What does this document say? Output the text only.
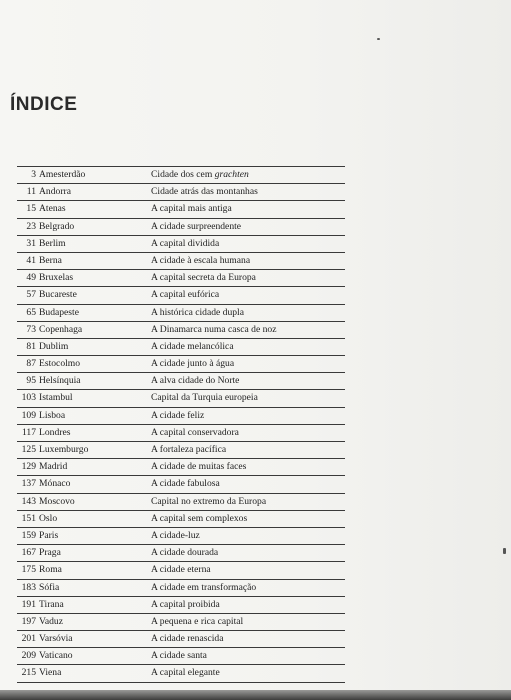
ÍNDICE
3 Amesterdão	Cidade dos cem grachten
11 Andorra	Cidade atrás das montanhas
15 Atenas	A capital mais antiga
23 Belgrado	A cidade surpreendente
31 Berlim	A capital dividida
41 Berna	A cidade à escala humana
49 Bruxelas	A capital secreta da Europa
57 Bucareste	A capital eufórica
65 Budapeste	A histórica cidade dupla
73 Copenhaga	A Dinamarca numa casca de noz
81 Dublim	A cidade melancólica
87 Estocolmo	A cidade junto à água
95 Helsínquia	A alva cidade do Norte
103 Istambul	Capital da Turquia europeia
109 Lisboa	A cidade feliz
117 Londres	A capital conservadora
125 Luxemburgo	A fortaleza pacífica
129 Madrid	A cidade de muitas faces
137 Mónaco	A cidade fabulosa
143 Moscovo	Capital no extremo da Europa
151 Oslo	A capital sem complexos
159 Paris	A cidade-luz
167 Praga	A cidade dourada
175 Roma	A cidade eterna
183 Sófia	A cidade em transformação
191 Tirana	A capital proibida
197 Vaduz	A pequena e rica capital
201 Varsóvia	A cidade renascida
209 Vaticano	A cidade santa
215 Viena	A capital elegante
